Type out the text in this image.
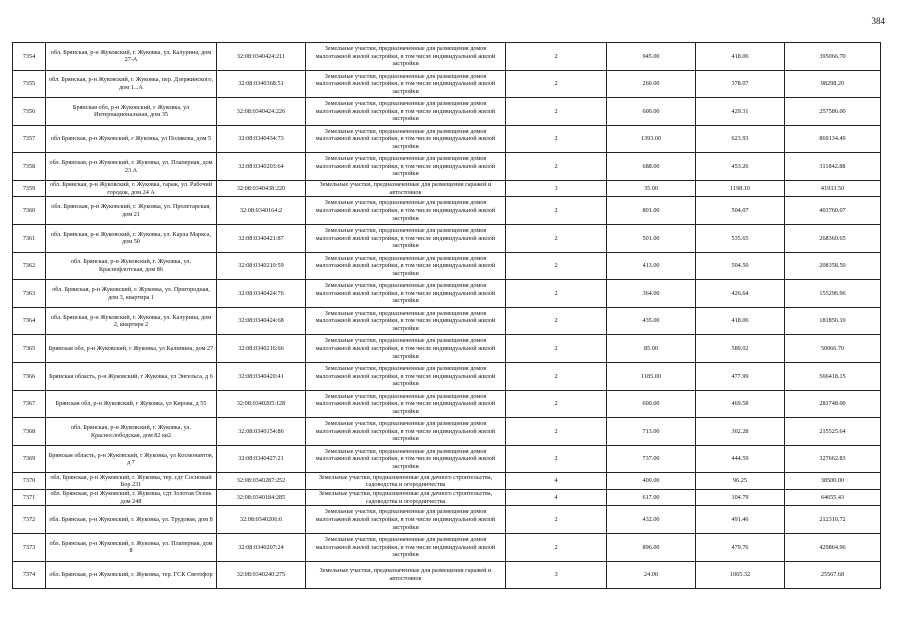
384
7354	обл. Брянская, р-н Жуковский, г. Жуковка, ул. Калурина, дом 27-А	32:08:0340424:211	Земельные участки, предназначенные для размещения домов малоэтажной жилой застройки, в том числе индивидуальной жилой застройки	2	945.00	418.06	395066.70
7355	обл. Брянская, р-н Жуковский, г. Жуковка, пер. Дзержинского, дом 1...А	32:08:0340368:51	Земельные участки, предназначенные для размещения домов малоэтажной жилой застройки, в том числе индивидуальной жилой застройки	2	260.00	378.07	98298.20
7356	Брянская обл, р-н Жуковский, г Жуковка, ул Интернациональная, дом 35	32:08:0340424:226	Земельные участки, предназначенные для размещения домов малоэтажной жилой застройки, в том числе индивидуальной жилой застройки	2	600.00	429.31	257586.00
7357	обл Брянская, р-н Жуковский, г Жуковка, ул Полякова, дом 5	32:08:0340434:73	Земельные участки, предназначенные для размещения домов малоэтажной жилой застройки, в том числе индивидуальной жилой застройки	2	1393.00	623.93	869134.49
7358	обл. Брянская, р-н Жуковский, г. Жуковка, ул. Плаперная, дом 23 А	32:08:0340203:64	Земельные участки, предназначенные для размещения домов малоэтажной жилой застройки, в том числе индивидуальной жилой застройки	2	688.00	453.26	311842.88
7359	обл. Брянская, р-н Жуковский, г. Жуковка, гараж, ул. Рабочий городок, дом 24 А	32:08:0340438:220	Земельные участки, предназначенные для размещения гаражей и автостоянок	3	35.00	1198.10	41933.50
7360	обл. Брянская, р-н Жуковский, г. Жуковка, ул. Пролетарская, дом 21	32:08:0340164:2	Земельные участки, предназначенные для размещения домов малоэтажной жилой застройки, в том числе индивидуальной жилой застройки	2	801.00	504.07	403760.07
7361	обл. Брянская, р-н Жуковский, г. Жуковка, ул. Карла Маркса, дом 50	32:08:0340421:87	Земельные участки, предназначенные для размещения домов малоэтажной жилой застройки, в том числе индивидуальной жилой застройки	2	501.00	535.65	268360.65
7362	обл. Брянская, р-н Жуковский, г. Жуковка, ул. Краснофлотская, дом 86	32:08:0340210:59	Земельные участки, предназначенные для размещения домов малоэтажной жилой застройки, в том числе индивидуальной жилой застройки	2	413.00	504.50	208358.50
7363	обл. Брянская, р-н Жуковский, г. Жуковка, ул. Пригородная, дом 3, квартира 1	32:08:0340424:76	Земельные участки, предназначенные для размещения домов малоэтажной жилой застройки, в том числе индивидуальной жилой застройки	2	364.00	426.64	155296.96
7364	обл. Брянская, р-н Жуковский, г. Жуковка, ул. Калурина, дом 2, квартира 2	32:08:0340424:68	Земельные участки, предназначенные для размещения домов малоэтажной жилой застройки, в том числе индивидуальной жилой застройки	2	435.00	418.06	181856.10
7365	Брянская обл, р-н Жуковский, г Жуковка, ул Калинина, дом 27	32:08:0340216:66	Земельные участки, предназначенные для размещения домов малоэтажной жилой застройки, в том числе индивидуальной жилой застройки	2	85.00	589.02	50066.70
7366	Брянская область, р-н Жуковский, г Жуковка, ул Энгельса, д 6	32:08:0340420:41	Земельные участки, предназначенные для размещения домов малоэтажной жилой застройки, в том числе индивидуальной жилой застройки	2	1185.00	477.99	566418.15
7367	Брянская обл, р-н Жуковский, г Жуковка, ул Кирова, д 55	32:08:0340205:128	Земельные участки, предназначенные для размещения домов малоэтажной жилой застройки, в том числе индивидуальной жилой застройки	2	600.00	469.58	281748.00
7368	обл. Брянская, р-н Жуковский, г. Жуковка, ул. Краснослободская, дом 82 кв2	32:08:0340154:86	Земельные участки, предназначенные для размещения домов малоэтажной жилой застройки, в том числе индивидуальной жилой застройки	2	713.00	302.28	215525.64
7369	Брянская область, р-н Жуковский, г Жуковка, ул Космонавтов, д 7	32:08:0340427:21	Земельные участки, предназначенные для размещения домов малоэтажной жилой застройки, в том числе индивидуальной жилой застройки	2	737.00	444.59	327662.83
7370	обл. Брянская, р-н Жуковский, г. Жуковка, тер. сдт Сосновый Бор 231	32:08:0340287:252	Земельные участки, предназначенные для дачного строительства, садоводства и огородничества	4	400.00	96.25	38500.00
7371	обл. Брянская, р-н Жуковский, г. Жуковка, сдт Золотая Осень дом 248	32:08:0340184:285	Земельные участки, предназначенные для дачного строительства, садоводства и огородничества	4	617.00	104.79	64655.43
7372	обл. Брянская, р-н Жуковский, г. Жуковка, ул. Трудовая, дом 8	32:08:0340206:6	Земельные участки, предназначенные для размещения домов малоэтажной жилой застройки, в том числе индивидуальной жилой застройки	2	432.00	491.46	212310.72
7373	обл. Брянская, р-н Жуковский, г. Жуковка, ул. Плаперная, дом 8	32:08:0340207:24	Земельные участки, предназначенные для размещения домов малоэтажной жилой застройки, в том числе индивидуальной жилой застройки	2	896.00	479.76	429864.96
7374	обл. Брянская, р-н Жуковский, г. Жуковка, тер. ГСК Светофор	32:08:0340240:275	Земельные участки, предназначенные для размещения гаражей и автостоянок	3	24.00	1065.32	25567.68
